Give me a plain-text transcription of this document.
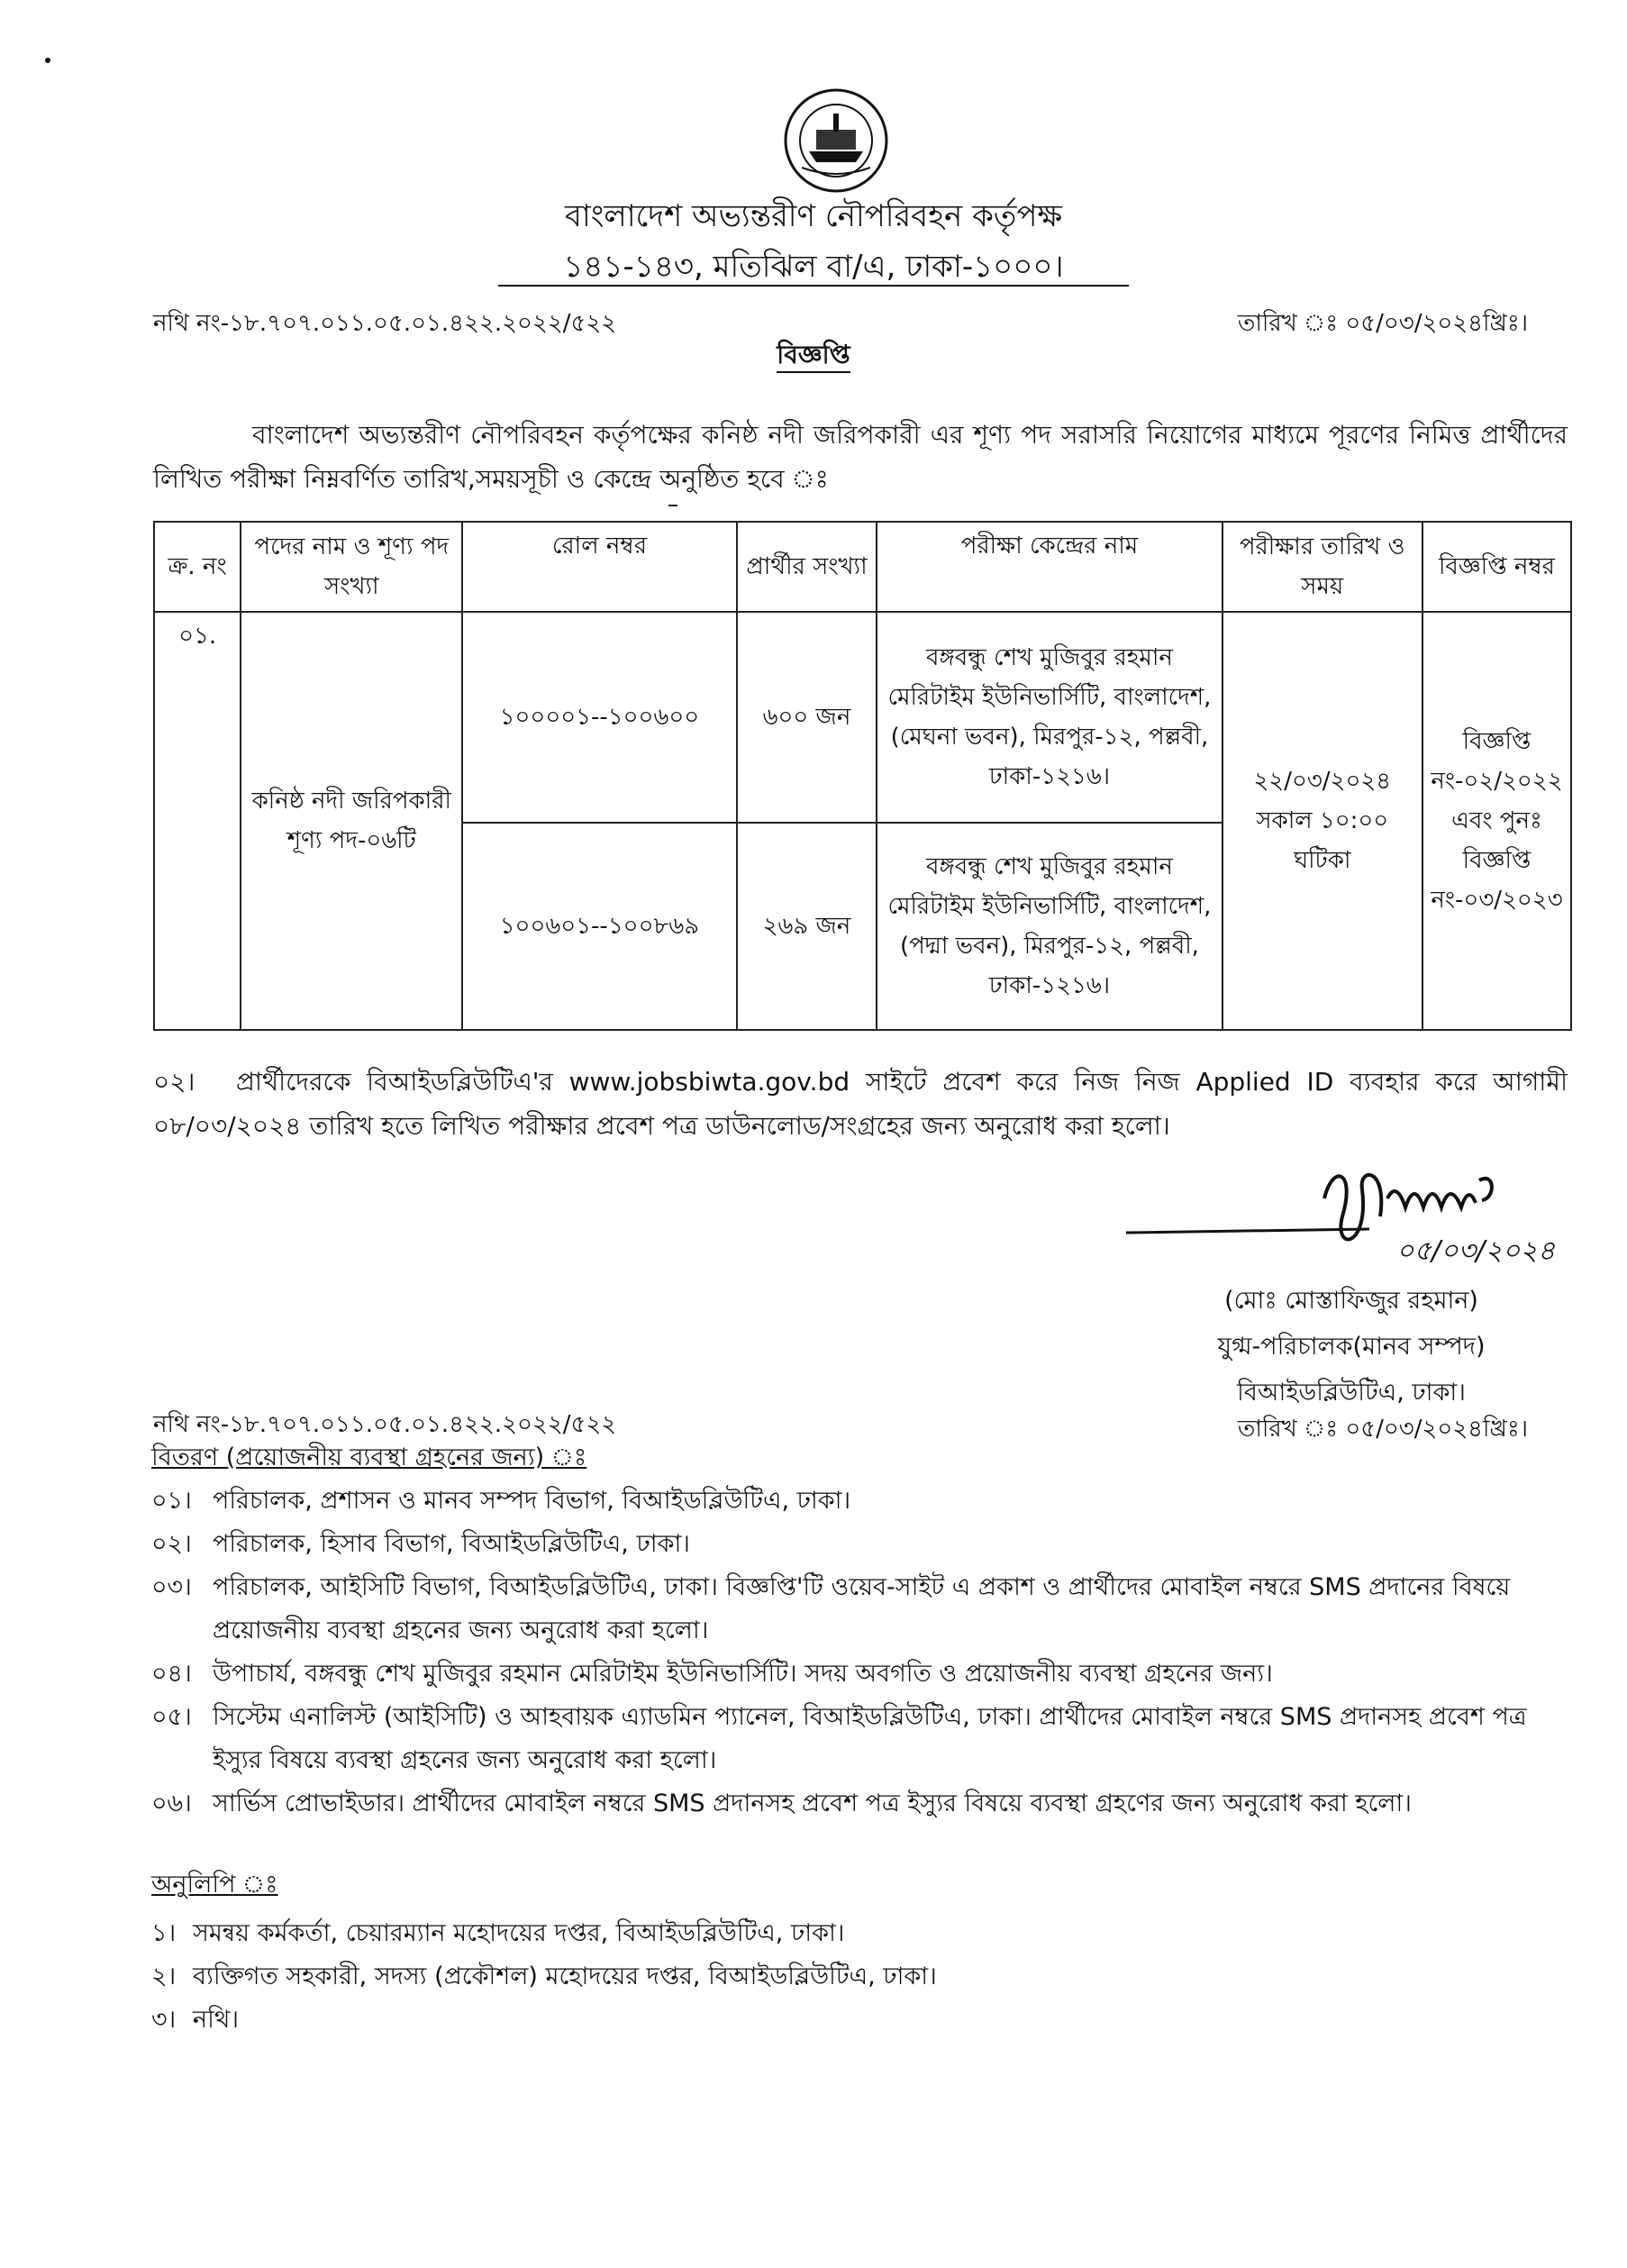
বাংলাদেশ অভ্যন্তরীণ নৌপরিবহন কর্তৃপক্ষ
১৪১-১৪৩, মতিঝিল বা/এ, ঢাকা-১০০০।
নথি নং-১৮.৭০৭.০১১.০৫.০১.৪২২.২০২২/৫২২	তারিখ ঃ ০৫/০৩/২০২৪খ্রিঃ।
বিজ্ঞপ্তি
বাংলাদেশ অভ্যন্তরীণ নৌপরিবহন কর্তৃপক্ষের কনিষ্ঠ নদী জরিপকারী এর শূণ্য পদ সরাসরি নিয়োগের মাধ্যমে পূরণের নিমিত্ত প্রার্থীদের লিখিত পরীক্ষা নিম্নবর্ণিত তারিখ,সময়সূচী ও কেন্দ্রে অনুষ্ঠিত হবে ঃ
ক্র. নং	পদের নাম ও শূণ্য পদ সংখ্যা	রোল নম্বর	প্রার্থীর সংখ্যা	পরীক্ষা কেন্দ্রের নাম	পরীক্ষার তারিখ ও সময়	বিজ্ঞপ্তি নম্বর
০১.	কনিষ্ঠ নদী জরিপকারী শূণ্য পদ-০৬টি	১০০০০১--১০০৬০০	৬০০ জন	বঙ্গবন্ধু শেখ মুজিবুর রহমান মেরিটাইম ইউনিভার্সিটি, বাংলাদেশ, (মেঘনা ভবন), মিরপুর-১২, পল্লবী, ঢাকা-১২১৬।	২২/০৩/২০২৪ সকাল ১০:০০ ঘটিকা	বিজ্ঞপ্তি নং-০২/২০২২ এবং পুনঃ বিজ্ঞপ্তি নং-০৩/২০২৩
		১০০৬০১--১০০৮৬৯	২৬৯ জন	বঙ্গবন্ধু শেখ মুজিবুর রহমান মেরিটাইম ইউনিভার্সিটি, বাংলাদেশ, (পদ্মা ভবন), মিরপুর-১২, পল্লবী, ঢাকা-১২১৬।		
০২। প্রার্থীদেরকে বিআইডব্লিউটিএ'র www.jobsbiwta.gov.bd সাইটে প্রবেশ করে নিজ নিজ Applied ID ব্যবহার করে আগামী ০৮/০৩/২০২৪ তারিখ হতে লিখিত পরীক্ষার প্রবেশ পত্র ডাউনলোড/সংগ্রহের জন্য অনুরোধ করা হলো।
০৫/০৩/২০২৪
(মোঃ মোস্তাফিজুর রহমান)
যুগ্ম-পরিচালক(মানব সম্পদ)
বিআইডব্লিউটিএ, ঢাকা।
নথি নং-১৮.৭০৭.০১১.০৫.০১.৪২২.২০২২/৫২২	তারিখ ঃ ০৫/০৩/২০২৪খ্রিঃ।
বিতরণ (প্রয়োজনীয় ব্যবস্থা গ্রহনের জন্য) ঃ
০১। পরিচালক, প্রশাসন ও মানব সম্পদ বিভাগ, বিআইডব্লিউটিএ, ঢাকা।
০২। পরিচালক, হিসাব বিভাগ, বিআইডব্লিউটিএ, ঢাকা।
০৩। পরিচালক, আইসিটি বিভাগ, বিআইডব্লিউটিএ, ঢাকা। বিজ্ঞপ্তি'টি ওয়েব-সাইট এ প্রকাশ ও প্রার্থীদের মোবাইল নম্বরে SMS প্রদানের বিষয়ে প্রয়োজনীয় ব্যবস্থা গ্রহনের জন্য অনুরোধ করা হলো।
০৪। উপাচার্য, বঙ্গবন্ধু শেখ মুজিবুর রহমান মেরিটাইম ইউনিভার্সিটি। সদয় অবগতি ও প্রয়োজনীয় ব্যবস্থা গ্রহনের জন্য।
০৫। সিস্টেম এনালিস্ট (আইসিটি) ও আহবায়ক এ্যাডমিন প্যানেল, বিআইডব্লিউটিএ, ঢাকা। প্রার্থীদের মোবাইল নম্বরে SMS প্রদানসহ প্রবেশ পত্র ইস্যুর বিষয়ে ব্যবস্থা গ্রহনের জন্য অনুরোধ করা হলো।
০৬। সার্ভিস প্রোভাইডার। প্রার্থীদের মোবাইল নম্বরে SMS প্রদানসহ প্রবেশ পত্র ইস্যুর বিষয়ে ব্যবস্থা গ্রহণের জন্য অনুরোধ করা হলো।
অনুলিপি ঃ
১। সমন্বয় কর্মকর্তা, চেয়ারম্যান মহোদয়ের দপ্তর, বিআইডব্লিউটিএ, ঢাকা।
২। ব্যক্তিগত সহকারী, সদস্য (প্রকৌশল) মহোদয়ের দপ্তর, বিআইডব্লিউটিএ, ঢাকা।
৩। নথি।
